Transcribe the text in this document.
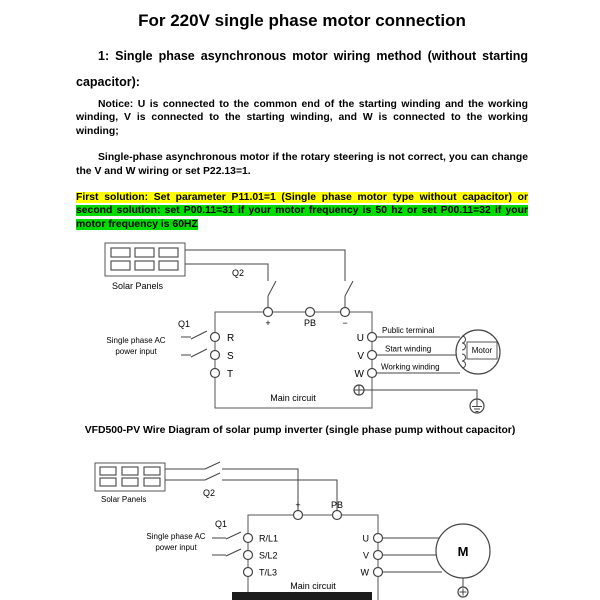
For 220V single phase motor connection

1: Single phase asynchronous motor wiring method (without starting capacitor):

Notice: U is connected to the common end of the starting winding and the working winding, V is connected to the starting winding, and W is connected to the working winding;

Single-phase asynchronous motor if the rotary steering is not correct, you can change the V and W wiring or set P22.13=1.

First solution: Set parameter P11.01=1 (Single phase motor type without capacitor) or second solution: set P00.11=31 if your motor frequency is 50 hz or set P00.11=32 if your motor frequency is 60HZ

Solar Panels
Q2
Main circuit
+	PB	−
Q1
Single phase AC
power input
R
S
T
Public terminal
Start winding
Working winding
U
V
W
Motor
VFD500-PV Wire Diagram of solar pump inverter (single phase pump without capacitor)
Solar Panels
Q2
Main circuit
+	PB
Q1
Single phase AC
power input
R/L1
S/L2
T/L3
U
V
W
M
